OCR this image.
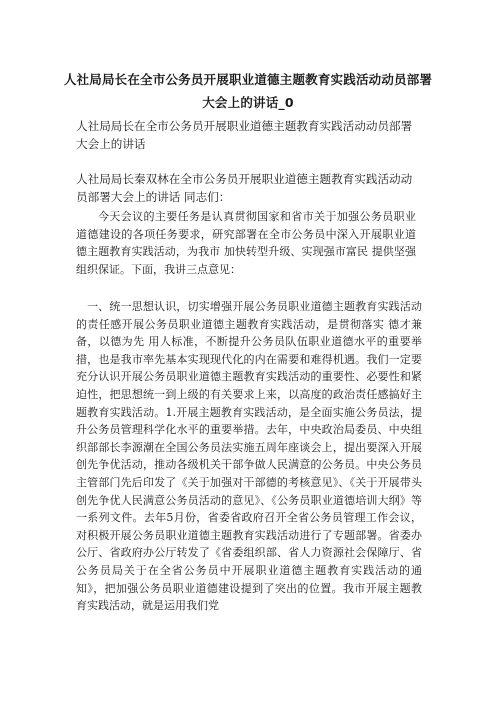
人社局局长在全市公务员开展职业道德主题教育实践活动动员部署大会上的讲话_0
人社局局长在全市公务员开展职业道德主题教育实践活动动员部署大会上的讲话
人社局局长秦双林在全市公务员开展职业道德主题教育实践活动动员部署大会上的讲话 同志们：
今天会议的主要任务是认真贯彻国家和省市关于加强公务员职业道德建设的各项任务要求，研究部署在全市公务员中深入开展职业道德主题教育实践活动，为我市 加快转型升级、实现强市富民 提供坚强组织保证。下面，我讲三点意见：
一、统一思想认识，切实增强开展公务员职业道德主题教育实践活动的责任感开展公务员职业道德主题教育实践活动，是贯彻落实 德才兼备，以德为先 用人标准，不断提升公务员队伍职业道德水平的重要举措，也是我市率先基本实现现代化的内在需要和难得机遇。我们一定要充分认识开展公务员职业道德主题教育实践活动的重要性、必要性和紧迫性，把思想统一到上级的有关要求上来，以高度的政治责任感搞好主题教育实践活动。1.开展主题教育实践活动，是全面实施公务员法，提升公务员管理科学化水平的重要举措。去年，中央政治局委员、中央组织部部长李源潮在全国公务员法实施五周年座谈会上，提出要深入开展创先争优活动，推动各级机关干部争做人民满意的公务员。中央公务员主管部门先后印发了《关于加强对干部德的考核意见》、《关于开展带头创先争优人民满意公务员活动的意见》、《公务员职业道德培训大纲》等一系列文件。去年5月份，省委省政府召开全省公务员管理工作会议，对积极开展公务员职业道德主题教育实践活动进行了专题部署。省委办公厅、省政府办公厅转发了《省委组织部、省人力资源社会保障厅、省公务员局关于在全省公务员中开展职业道德主题教育实践活动的通知》，把加强公务员职业道德建设提到了突出的位置。我市开展主题教育实践活动，就是运用我们党
